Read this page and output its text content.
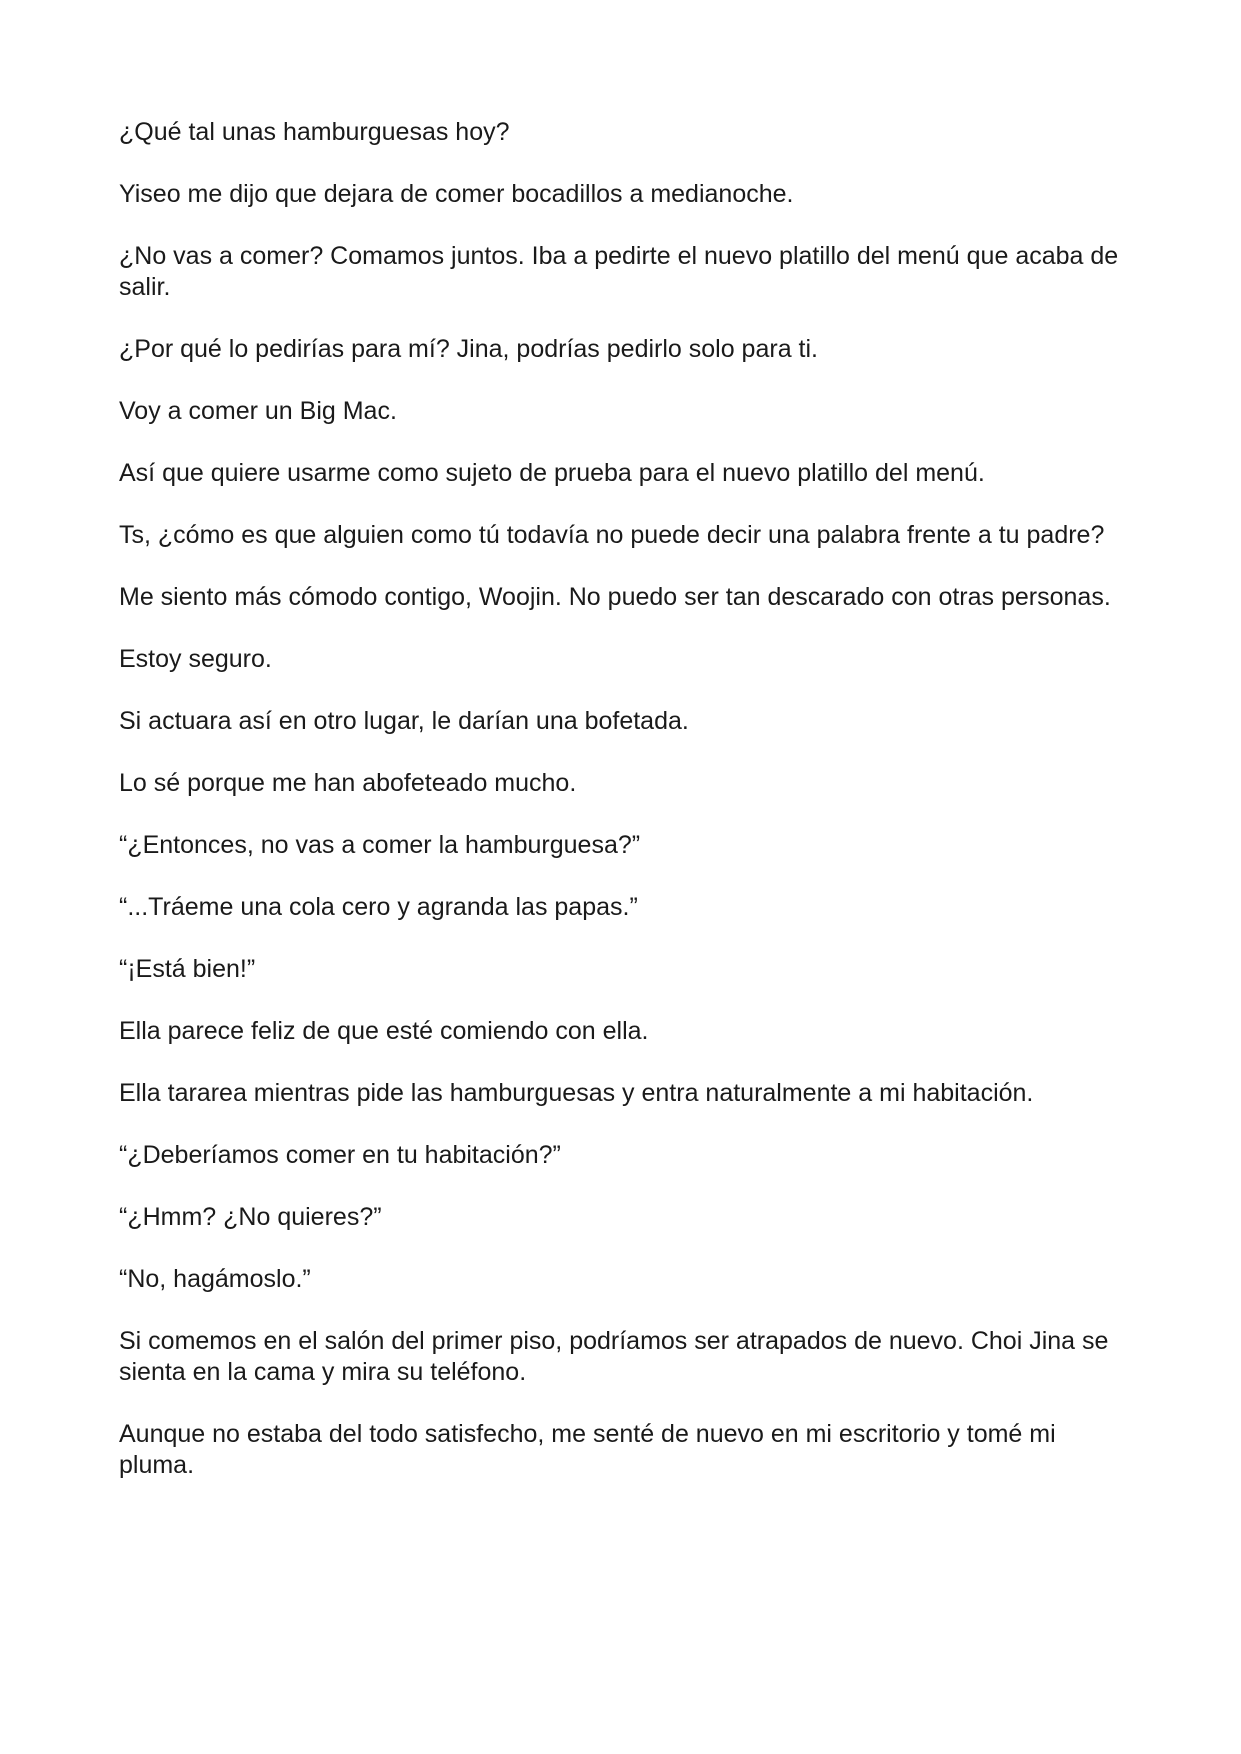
¿Qué tal unas hamburguesas hoy?

Yiseo me dijo que dejara de comer bocadillos a medianoche.

¿No vas a comer? Comamos juntos. Iba a pedirte el nuevo platillo del menú que acaba de salir.

¿Por qué lo pedirías para mí? Jina, podrías pedirlo solo para ti.

Voy a comer un Big Mac.

Así que quiere usarme como sujeto de prueba para el nuevo platillo del menú.

Ts, ¿cómo es que alguien como tú todavía no puede decir una palabra frente a tu padre?

Me siento más cómodo contigo, Woojin. No puedo ser tan descarado con otras personas.

Estoy seguro.

Si actuara así en otro lugar, le darían una bofetada.

Lo sé porque me han abofeteado mucho.

“¿Entonces, no vas a comer la hamburguesa?”

“...Tráeme una cola cero y agranda las papas.”

“¡Está bien!”

Ella parece feliz de que esté comiendo con ella.

Ella tararea mientras pide las hamburguesas y entra naturalmente a mi habitación.

“¿Deberíamos comer en tu habitación?”

“¿Hmm? ¿No quieres?”

“No, hagámoslo.”

Si comemos en el salón del primer piso, podríamos ser atrapados de nuevo. Choi Jina se sienta en la cama y mira su teléfono.

Aunque no estaba del todo satisfecho, me senté de nuevo en mi escritorio y tomé mi pluma.
